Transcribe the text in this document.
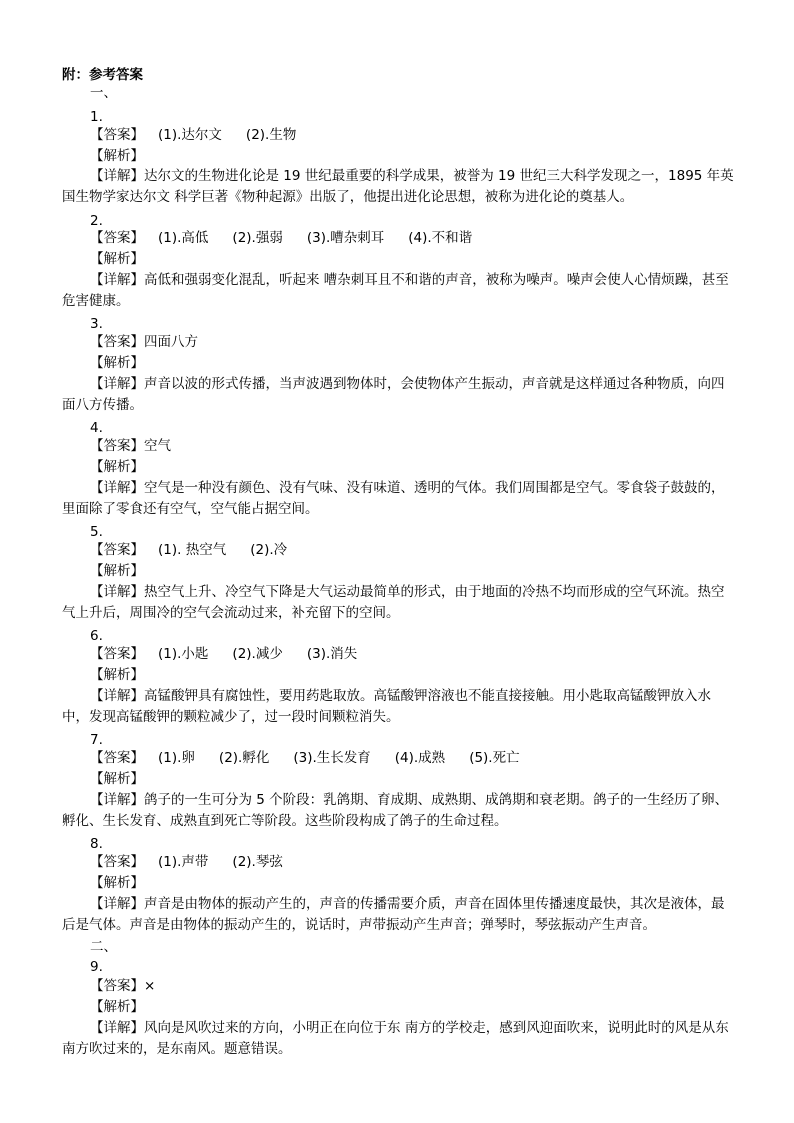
附：参考答案
一、
1.
【答案】 (1).达尔文 (2).生物
【解析】
【详解】达尔文的生物进化论是 19 世纪最重要的科学成果，被誉为 19 世纪三大科学发现之一，1895 年英国生物学家达尔文 科学巨著《物种起源》出版了，他提出进化论思想，被称为进化论的奠基人。
2.
【答案】 (1).高低 (2).强弱 (3).嘈杂刺耳 (4).不和谐
【解析】
【详解】高低和强弱变化混乱，听起来 嘈杂刺耳且不和谐的声音，被称为噪声。噪声会使人心情烦躁，甚至危害健康。
3.
【答案】四面八方
【解析】
【详解】声音以波的形式传播，当声波遇到物体时，会使物体产生振动，声音就是这样通过各种物质，向四面八方传播。
4.
【答案】空气
【解析】
【详解】空气是一种没有颜色、没有气味、没有味道、透明的气体。我们周围都是空气。零食袋子鼓鼓的，里面除了零食还有空气，空气能占据空间。
5.
【答案】 (1). 热空气 (2).冷
【解析】
【详解】热空气上升、冷空气下降是大气运动最简单的形式，由于地面的冷热不均而形成的空气环流。热空气上升后，周围冷的空气会流动过来，补充留下的空间。
6.
【答案】 (1).小匙 (2).减少 (3).消失
【解析】
【详解】高锰酸钾具有腐蚀性，要用药匙取放。高锰酸钾溶液也不能直接接触。用小匙取高锰酸钾放入水中，发现高锰酸钾的颗粒减少了，过一段时间颗粒消失。
7.
【答案】 (1).卵 (2).孵化 (3).生长发育 (4).成熟 (5).死亡
【解析】
【详解】鸽子的一生可分为 5 个阶段：乳鸽期、育成期、成熟期、成鸽期和衰老期。鸽子的一生经历了卵、孵化、生长发育、成熟直到死亡等阶段。这些阶段构成了鸽子的生命过程。
8.
【答案】 (1).声带 (2).琴弦
【解析】
【详解】声音是由物体的振动产生的，声音的传播需要介质，声音在固体里传播速度最快，其次是液体，最后是气体。声音是由物体的振动产生的，说话时，声带振动产生声音；弹琴时，琴弦振动产生声音。
二、
9.
【答案】×
【解析】
【详解】风向是风吹过来的方向，小明正在向位于东 南方的学校走，感到风迎面吹来，说明此时的风是从东南方吹过来的，是东南风。题意错误。
